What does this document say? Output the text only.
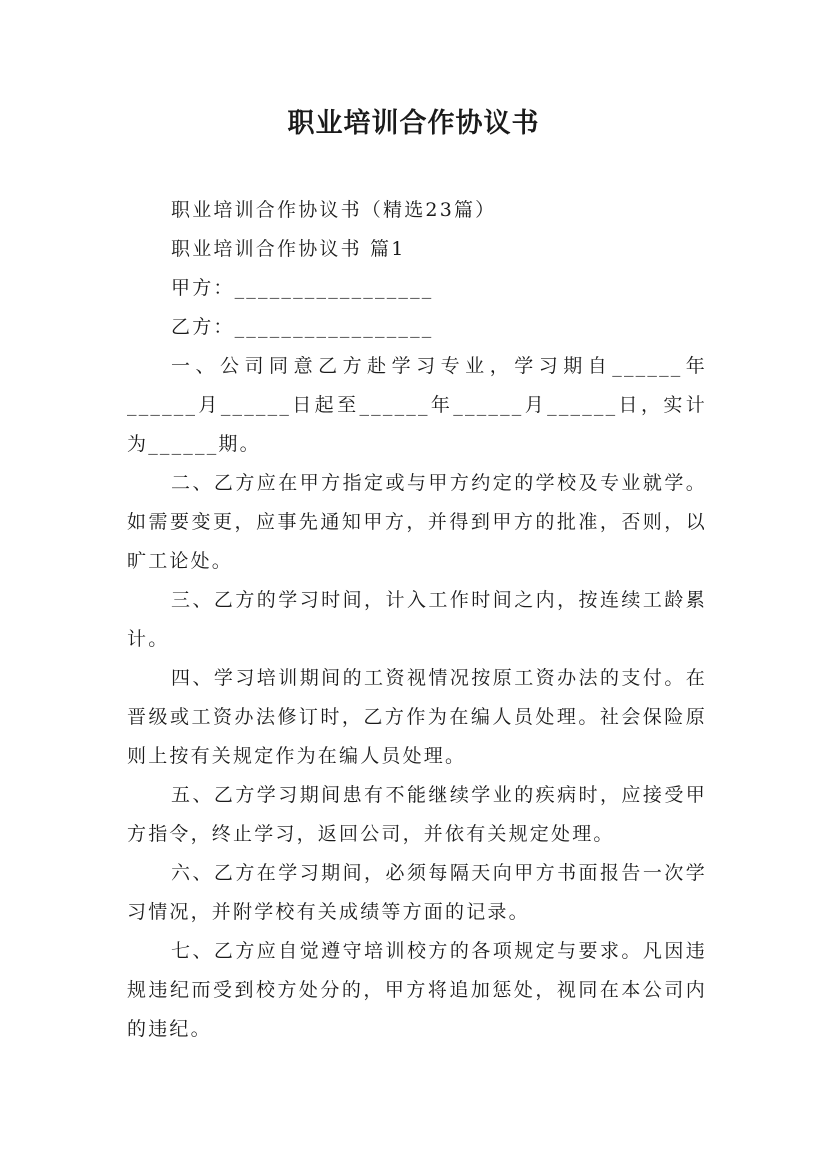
职业培训合作协议书

职业培训合作协议书（精选23篇）

职业培训合作协议书 篇1

甲方：_________________

乙方：_________________

一、公司同意乙方赴学习专业，学习期自______年______月______日起至______年______月______日，实计为______期。

二、乙方应在甲方指定或与甲方约定的学校及专业就学。如需要变更，应事先通知甲方，并得到甲方的批准，否则，以旷工论处。

三、乙方的学习时间，计入工作时间之内，按连续工龄累计。

四、学习培训期间的工资视情况按原工资办法的支付。在晋级或工资办法修订时，乙方作为在编人员处理。社会保险原则上按有关规定作为在编人员处理。

五、乙方学习期间患有不能继续学业的疾病时，应接受甲方指令，终止学习，返回公司，并依有关规定处理。

六、乙方在学习期间，必须每隔天向甲方书面报告一次学习情况，并附学校有关成绩等方面的记录。

七、乙方应自觉遵守培训校方的各项规定与要求。凡因违规违纪而受到校方处分的，甲方将追加惩处，视同在本公司内的违纪。
